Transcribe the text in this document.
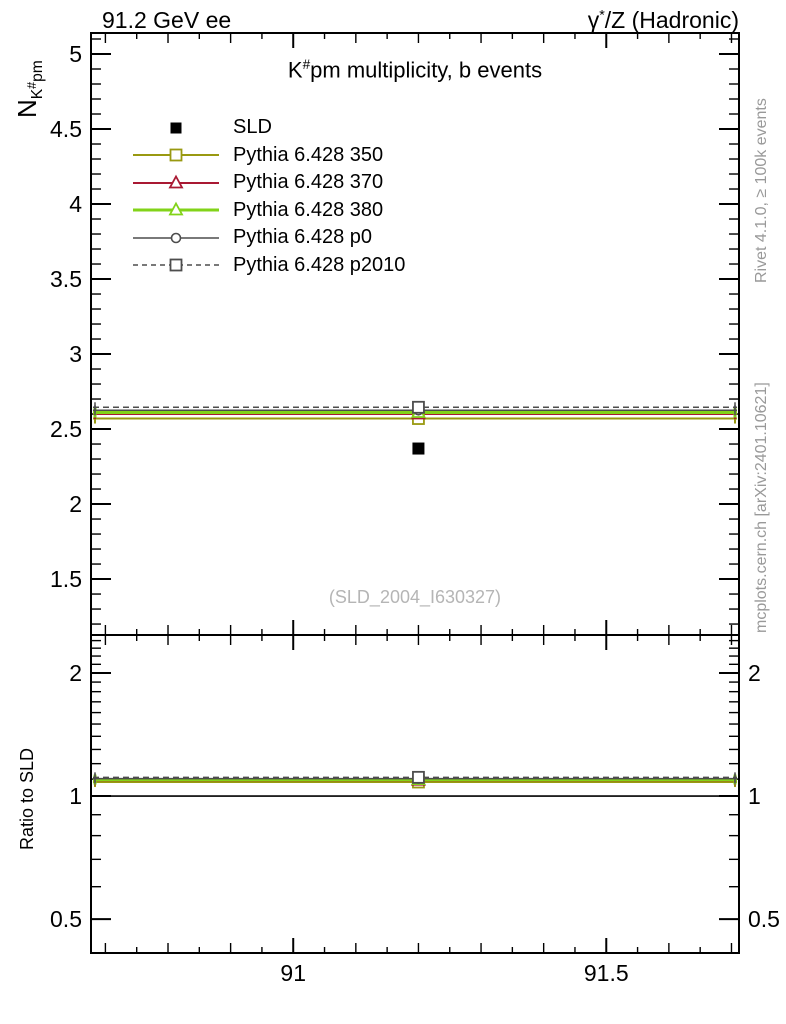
91	91.5
1.5
2
2.5
3
3.5
4
4.5
5
0.5	0.5
1	1
2	2
91.2 GeV ee	γ*/Z (Hadronic)
K#pm multiplicity, b events
$N_{K^{\#}pm}$
Ratio to SLD
Rivet 4.1.0, ≥ 100k events
mcplots.cern.ch [arXiv:2401.10621]
(SLD_2004_I630327)
SLD
Pythia 6.428 350
Pythia 6.428 370
Pythia 6.428 380
Pythia 6.428 p0
Pythia 6.428 p2010
